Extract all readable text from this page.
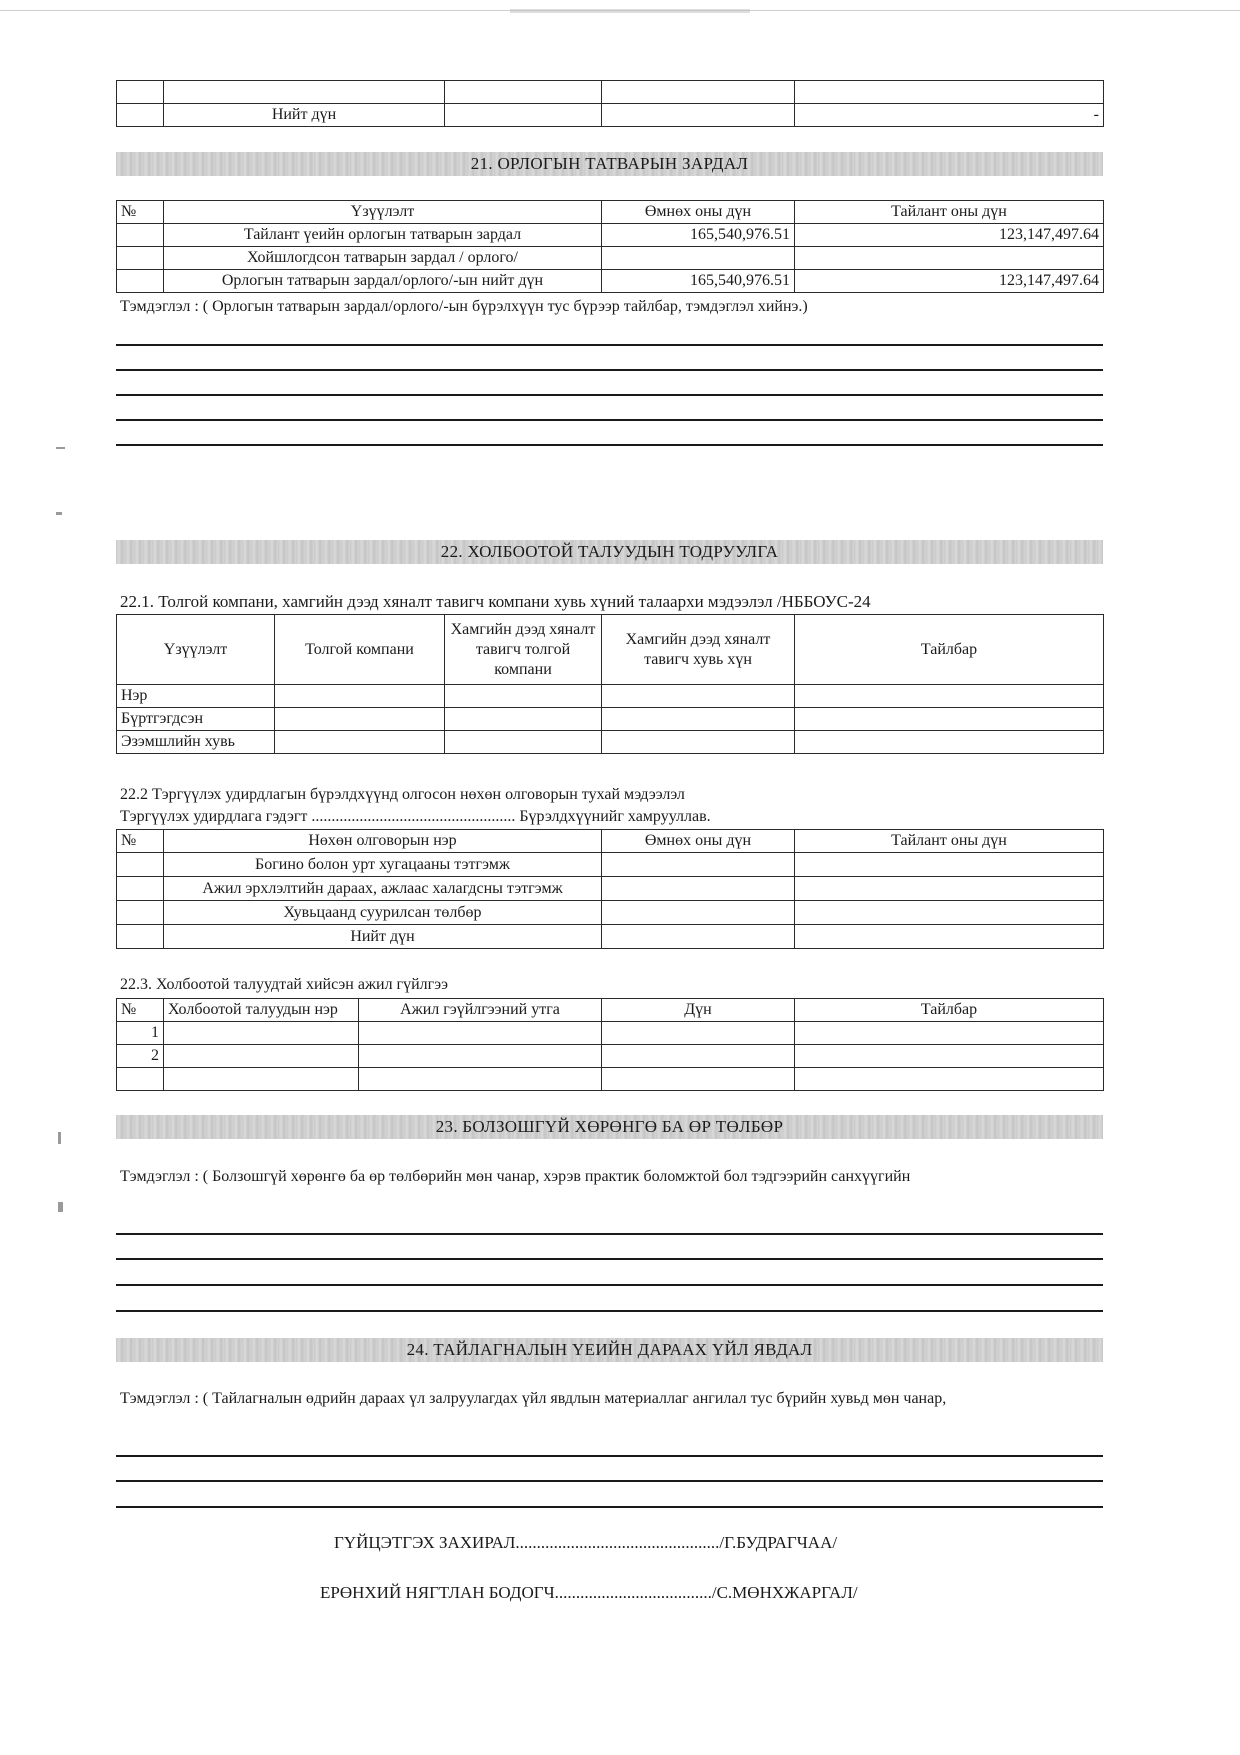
	Нийт дүн			-
21. ОРЛОГЫН ТАТВАРЫН ЗАРДАЛ
№	Үзүүлэлт	Өмнөх оны дүн	Тайлант оны дүн
	Тайлант үеийн орлогын татварын зардал	165,540,976.51	123,147,497.64
	Хойшлогдсон татварын зардал / орлого/		
	Орлогын татварын зардал/орлого/-ын нийт дүн	165,540,976.51	123,147,497.64
Тэмдэглэл : ( Орлогын татварын зардал/орлого/-ын бүрэлхүүн тус бүрээр тайлбар, тэмдэглэл хийнэ.)
22. ХОЛБООТОЙ ТАЛУУДЫН ТОДРУУЛГА
22.1. Толгой компани, хамгийн дээд хяналт тавигч компани хувь хүний талаархи мэдээлэл /НББОУС-24
Үзүүлэлт	Толгой компани	Хамгийн дээд хяналт тавигч толгой компани	Хамгийн дээд хяналт тавигч хувь хүн	Тайлбар
Нэр				
Бүртгэгдсэн				
Эзэмшлийн хувь				
22.2 Тэргүүлэх удирдлагын бүрэлдхүүнд олгосон нөхөн олговорын тухай мэдээлэл
Тэргүүлэх удирдлага гэдэгт ................................................... Бүрэлдхүүнийг хамрууллав.
№	Нөхөн олговорын нэр	Өмнөх оны дүн	Тайлант оны дүн
	Богино болон урт хугацааны тэтгэмж		
	Ажил эрхлэлтийн дараах, ажлаас халагдсны тэтгэмж		
	Хувьцаанд суурилсан төлбөр		
	Нийт дүн		
22.3. Холбоотой талуудтай хийсэн ажил гүйлгээ
№	Холбоотой талуудын нэр	Ажил гэүйлгээний утга	Дүн	Тайлбар
1				
2				

23. БОЛЗОШГҮЙ ХӨРӨНГӨ БА ӨР ТӨЛБӨР
Тэмдэглэл : ( Болзошгүй хөрөнгө ба өр төлбөрийн мөн чанар, хэрэв практик боломжтой бол тэдгээрийн санхүүгийн
24. ТАЙЛАГНАЛЫН ҮЕИЙН ДАРААХ ҮЙЛ ЯВДАЛ
Тэмдэглэл : ( Тайлагналын өдрийн дараах үл залруулагдах үйл явдлын материаллаг ангилал тус бүрийн хувьд мөн чанар,
ГҮЙЦЭТГЭХ ЗАХИРАЛ................................................/Г.БУДРАГЧАА/
ЕРӨНХИЙ НЯГТЛАН БОДОГЧ...................................../С.МӨНХЖАРГАЛ/
